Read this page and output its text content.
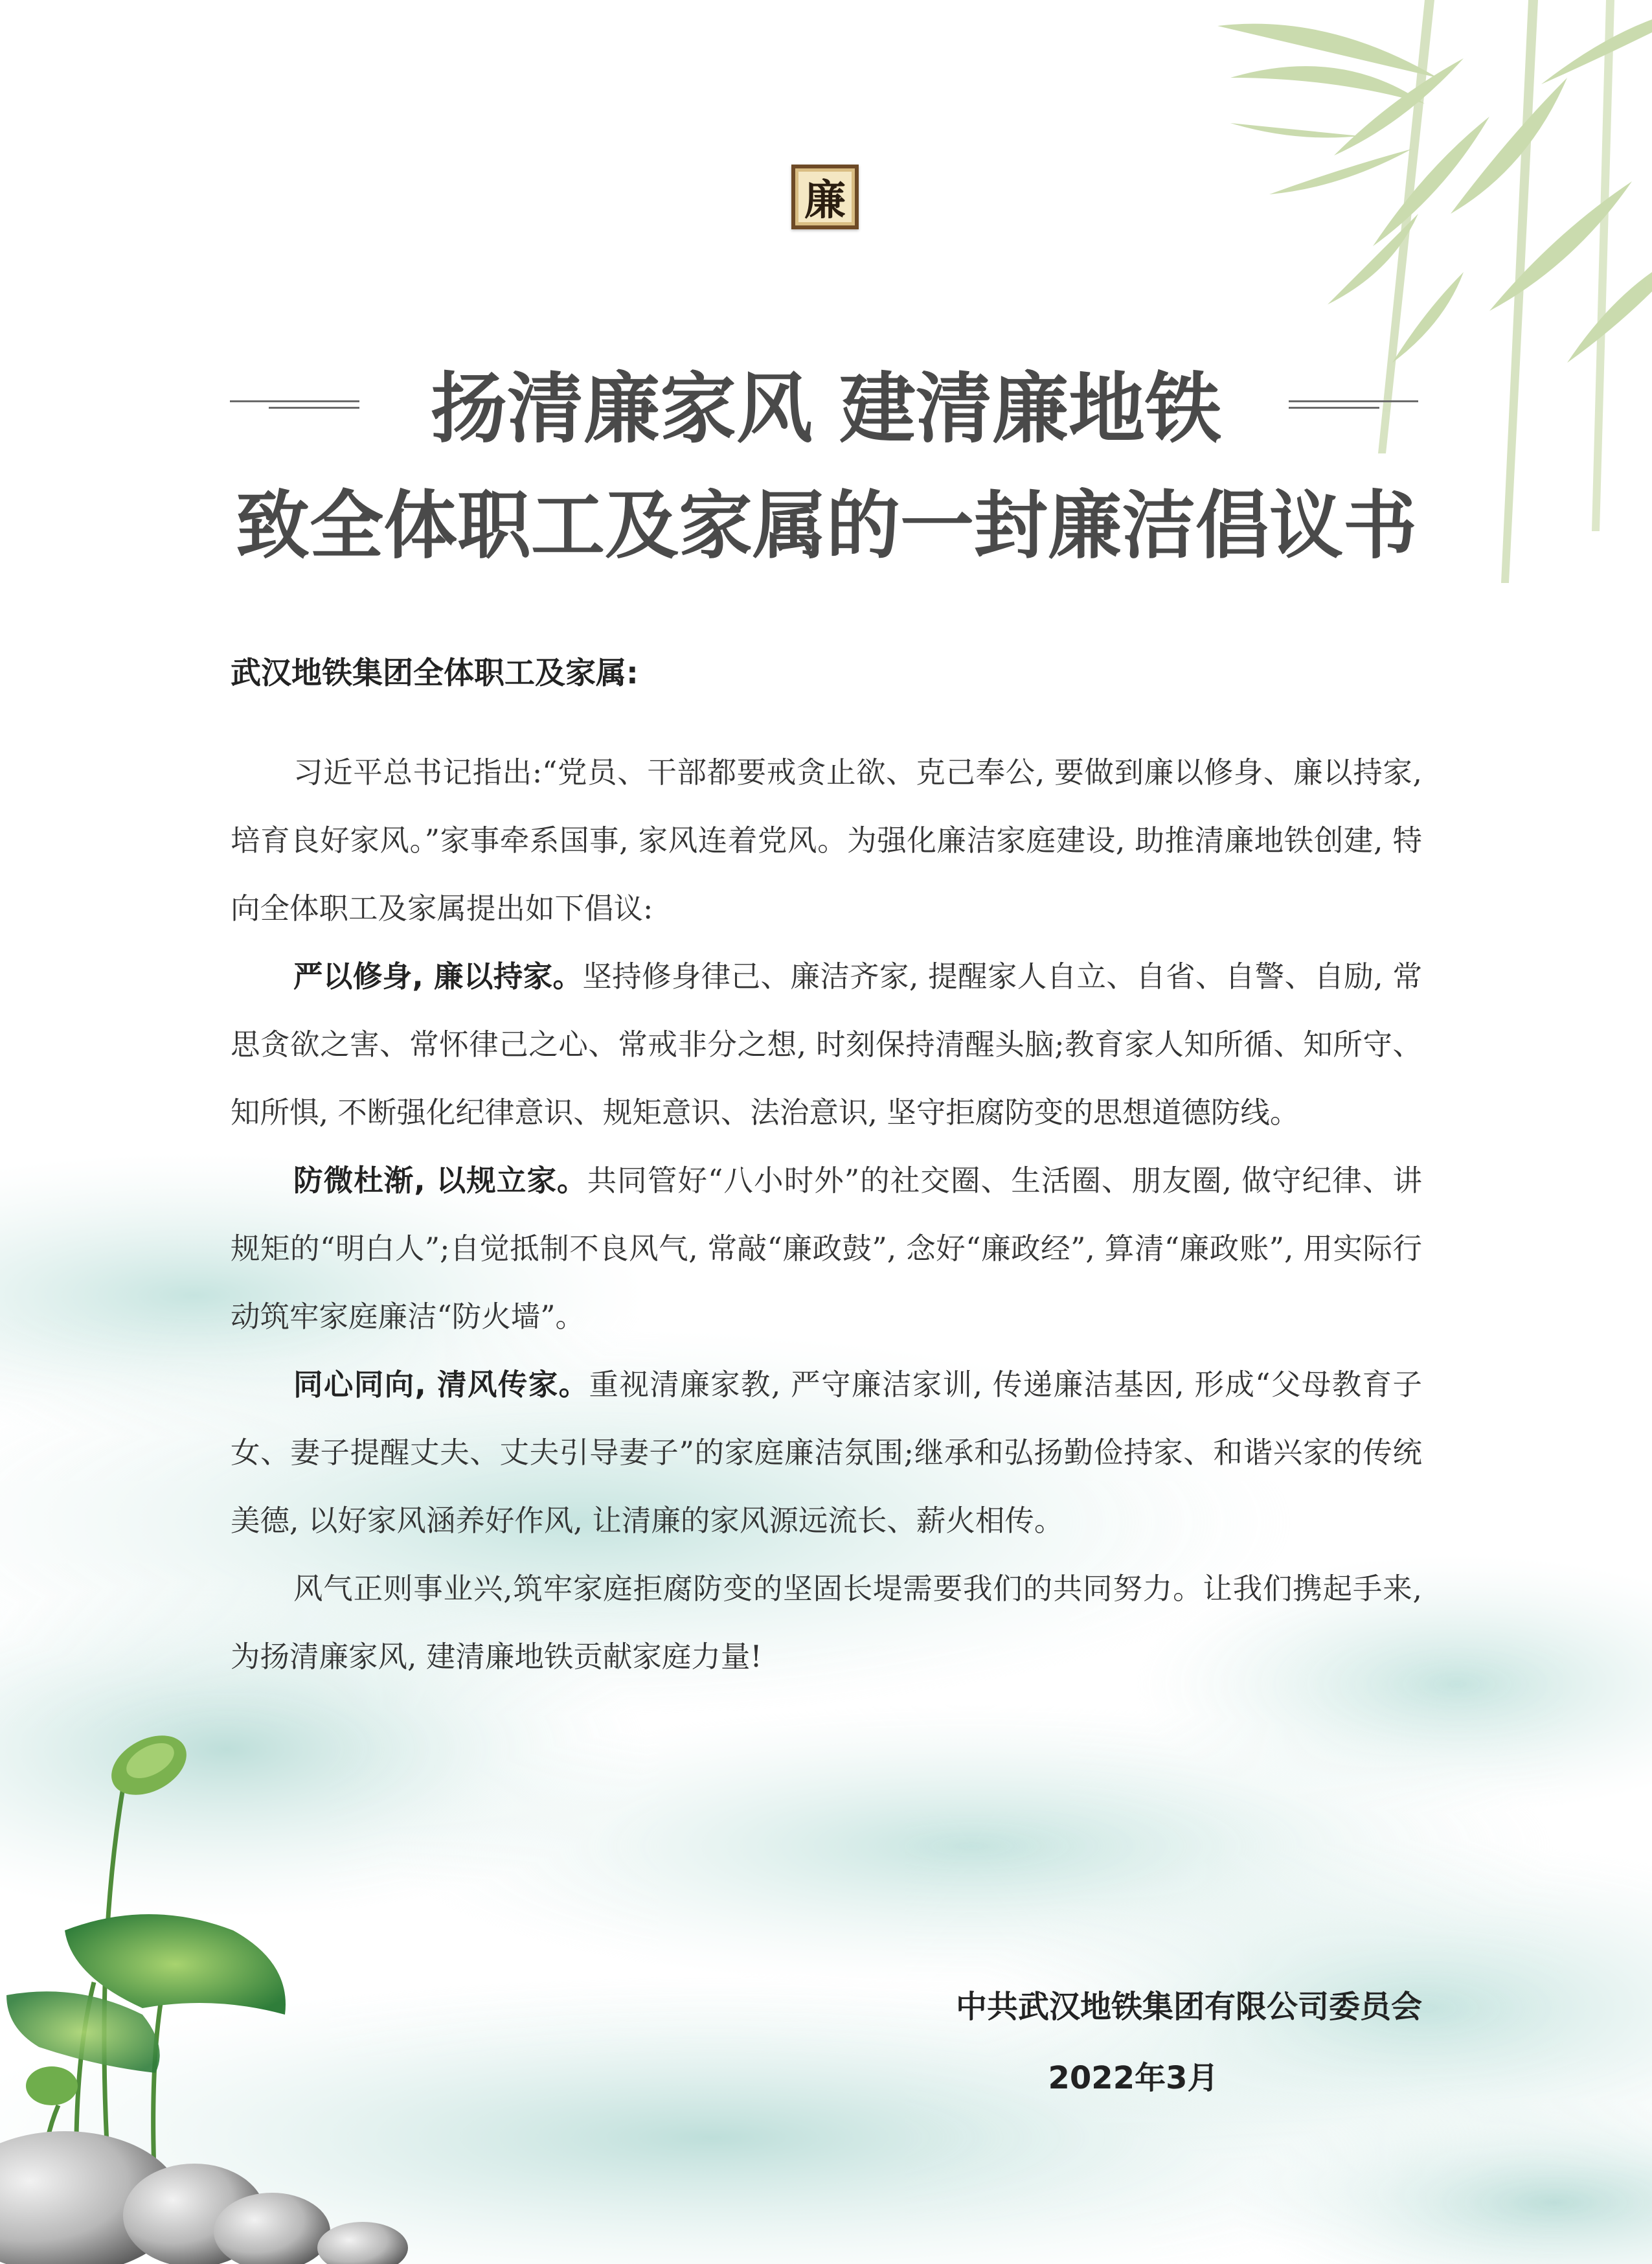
廉
扬清廉家风 建清廉地铁
致全体职工及家属的一封廉洁倡议书
武汉地铁集团全体职工及家属:

习近平总书记指出:“党员、干部都要戒贪止欲、克己奉公, 要做到廉以修身、廉以持家, 培育良好家风。”家事牵系国事, 家风连着党风。为强化廉洁家庭建设, 助推清廉地铁创建, 特向全体职工及家属提出如下倡议:

严以修身, 廉以持家。坚持修身律己、廉洁齐家, 提醒家人自立、自省、自警、自励, 常思贪欲之害、常怀律己之心、常戒非分之想, 时刻保持清醒头脑;教育家人知所循、知所守、知所惧, 不断强化纪律意识、规矩意识、法治意识, 坚守拒腐防变的思想道德防线。

防微杜渐, 以规立家。共同管好“八小时外”的社交圈、生活圈、朋友圈, 做守纪律、讲规矩的“明白人”;自觉抵制不良风气, 常敲“廉政鼓”, 念好“廉政经”, 算清“廉政账”, 用实际行动筑牢家庭廉洁“防火墙”。

同心同向, 清风传家。重视清廉家教, 严守廉洁家训, 传递廉洁基因, 形成“父母教育子女、妻子提醒丈夫、丈夫引导妻子”的家庭廉洁氛围;继承和弘扬勤俭持家、和谐兴家的传统美德, 以好家风涵养好作风, 让清廉的家风源远流长、薪火相传。

风气正则事业兴,筑牢家庭拒腐防变的坚固长堤需要我们的共同努力。让我们携起手来, 为扬清廉家风, 建清廉地铁贡献家庭力量!

中共武汉地铁集团有限公司委员会
2022年3月
